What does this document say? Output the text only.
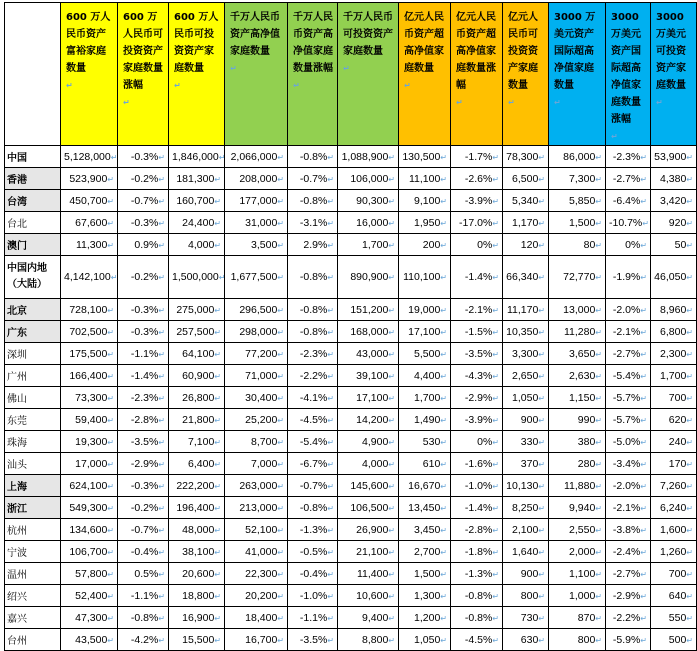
	600 万人民币资产富裕家庭数量
↵	600 万人民币可投资资产家庭数量涨幅
↵	600 万人民币可投资资产家庭数量
↵	千万人民币资产高净值家庭数量
↵	千万人民币资产高净值家庭数量涨幅
↵	千万人民币可投资资产家庭数量
↵	亿元人民币资产超高净值家庭数量
↵	亿元人民币资产超高净值家庭数量涨幅
↵	亿元人民币可投资资产家庭数量
↵	3000 万美元资产国际超高净值家庭数量
↵	3000 万美元资产国际超高净值家庭数量涨幅
↵	3000 万美元可投资资产家庭数量
↵
中国	5,128,000↵	-0.3%↵	1,846,000↵	2,066,000↵	-0.8%↵	1,088,900↵	130,500↵	-1.7%↵	78,300↵	86,000↵	-2.3%↵	53,900↵
香港	523,900↵	-0.2%↵	181,300↵	208,000↵	-0.7%↵	106,000↵	11,100↵	-2.6%↵	6,500↵	7,300↵	-2.7%↵	4,380↵
台湾	450,700↵	-0.7%↵	160,700↵	177,000↵	-0.8%↵	90,300↵	9,100↵	-3.9%↵	5,340↵	5,850↵	-6.4%↵	3,420↵
台北	67,600↵	-0.3%↵	24,400↵	31,000↵	-3.1%↵	16,000↵	1,950↵	-17.0%↵	1,170↵	1,500↵	-10.7%↵	920↵
澳门	11,300↵	0.9%↵	4,000↵	3,500↵	2.9%↵	1,700↵	200↵	0%↵	120↵	80↵	0%↵	50↵
中国内地（大陆）	4,142,100↵	-0.2%↵	1,500,000↵	1,677,500↵	-0.8%↵	890,900↵	110,100↵	-1.4%↵	66,340↵	72,770↵	-1.9%↵	46,050↵
北京	728,100↵	-0.3%↵	275,000↵	296,500↵	-0.8%↵	151,200↵	19,000↵	-2.1%↵	11,170↵	13,000↵	-2.0%↵	8,960↵
广东	702,500↵	-0.3%↵	257,500↵	298,000↵	-0.8%↵	168,000↵	17,100↵	-1.5%↵	10,350↵	11,280↵	-2.1%↵	6,800↵
深圳	175,500↵	-1.1%↵	64,100↵	77,200↵	-2.3%↵	43,000↵	5,500↵	-3.5%↵	3,300↵	3,650↵	-2.7%↵	2,300↵
广州	166,400↵	-1.4%↵	60,900↵	71,000↵	-2.2%↵	39,100↵	4,400↵	-4.3%↵	2,650↵	2,630↵	-5.4%↵	1,700↵
佛山	73,300↵	-2.3%↵	26,800↵	30,400↵	-4.1%↵	17,100↵	1,700↵	-2.9%↵	1,050↵	1,150↵	-5.7%↵	700↵
东莞	59,400↵	-2.8%↵	21,800↵	25,200↵	-4.5%↵	14,200↵	1,490↵	-3.9%↵	900↵	990↵	-5.7%↵	620↵
珠海	19,300↵	-3.5%↵	7,100↵	8,700↵	-5.4%↵	4,900↵	530↵	0%↵	330↵	380↵	-5.0%↵	240↵
汕头	17,000↵	-2.9%↵	6,400↵	7,000↵	-6.7%↵	4,000↵	610↵	-1.6%↵	370↵	280↵	-3.4%↵	170↵
上海	624,100↵	-0.3%↵	222,200↵	263,000↵	-0.7%↵	145,600↵	16,670↵	-1.0%↵	10,130↵	11,880↵	-2.0%↵	7,260↵
浙江	549,300↵	-0.2%↵	196,400↵	213,000↵	-0.8%↵	106,500↵	13,450↵	-1.4%↵	8,250↵	9,940↵	-2.1%↵	6,240↵
杭州	134,600↵	-0.7%↵	48,000↵	52,100↵	-1.3%↵	26,900↵	3,450↵	-2.8%↵	2,100↵	2,550↵	-3.8%↵	1,600↵
宁波	106,700↵	-0.4%↵	38,100↵	41,000↵	-0.5%↵	21,100↵	2,700↵	-1.8%↵	1,640↵	2,000↵	-2.4%↵	1,260↵
温州	57,800↵	0.5%↵	20,600↵	22,300↵	-0.4%↵	11,400↵	1,500↵	-1.3%↵	900↵	1,100↵	-2.7%↵	700↵
绍兴	52,400↵	-1.1%↵	18,800↵	20,200↵	-1.0%↵	10,600↵	1,300↵	-0.8%↵	800↵	1,000↵	-2.9%↵	640↵
嘉兴	47,300↵	-0.8%↵	16,900↵	18,400↵	-1.1%↵	9,400↵	1,200↵	-0.8%↵	730↵	870↵	-2.2%↵	550↵
台州	43,500↵	-4.2%↵	15,500↵	16,700↵	-3.5%↵	8,800↵	1,050↵	-4.5%↵	630↵	800↵	-5.9%↵	500↵
